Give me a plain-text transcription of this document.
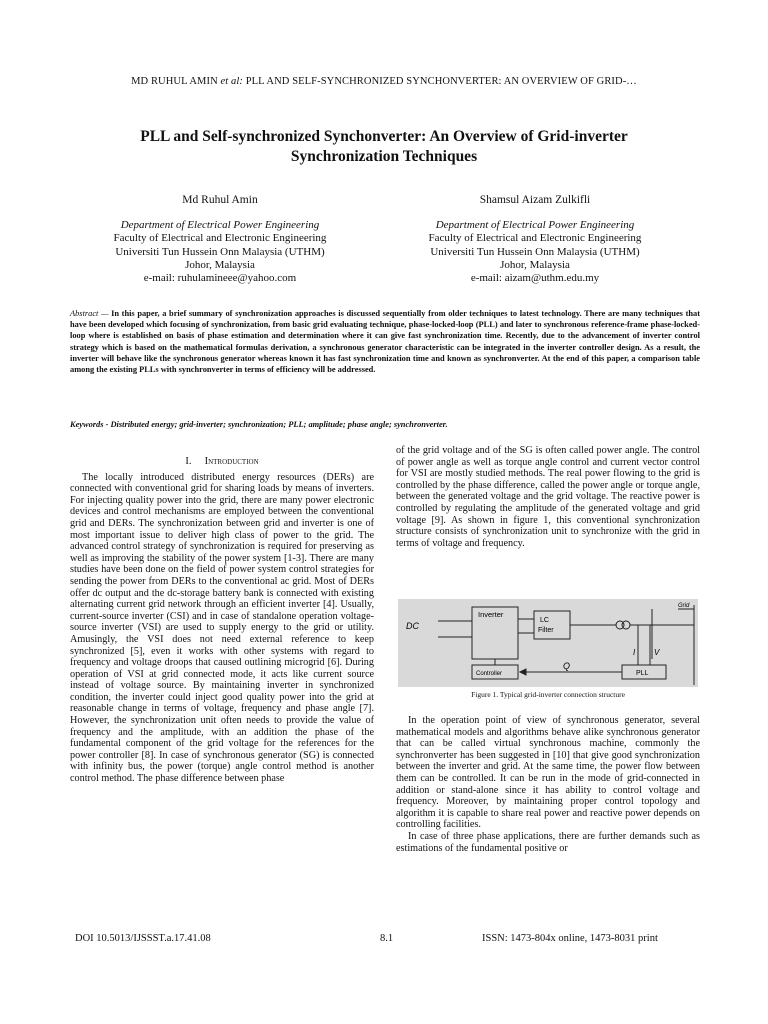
MD RUHUL AMIN et al: PLL AND SELF-SYNCHRONIZED SYNCHONVERTER: AN OVERVIEW OF GRID-…
PLL and Self-synchronized Synchonverter: An Overview of Grid-inverter Synchronization Techniques
Md Ruhul Amin
Department of Electrical Power Engineering
Faculty of Electrical and Electronic Engineering
Universiti Tun Hussein Onn Malaysia (UTHM)
Johor, Malaysia
e-mail: ruhulamineee@yahoo.com
Shamsul Aizam Zulkifli
Department of Electrical Power Engineering
Faculty of Electrical and Electronic Engineering
Universiti Tun Hussein Onn Malaysia (UTHM)
Johor, Malaysia
e-mail: aizam@uthm.edu.my
Abstract — In this paper, a brief summary of synchronization approaches is discussed sequentially from older techniques to latest technology. There are many techniques that have been developed which focusing of synchronization, from basic grid evaluating technique, phase-locked-loop (PLL) and later to synchronous reference-frame phase-locked-loop where is established on basis of phase estimation and determination where it can give fast synchronization time. Recently, due to the advancement of inverter control strategy which is based on the mathematical formulas derivation, a synchronous generator characteristic can be integrated in the inverter controller design. As a result, the inverter will behave like the synchronous generator whereas known it has fast synchronization time and known as synchronverter. At the end of this paper, a comparison table among the existing PLLs with synchronverter in terms of efficiency will be addressed.
Keywords - Distributed energy; grid-inverter; synchronization; PLL; amplitude; phase angle; synchronverter.
I. Introduction

The locally introduced distributed energy resources (DERs) are connected with conventional grid for sharing loads by means of inverters. For injecting quality power into the grid, there are many power electronic devices and control mechanisms are employed between the conventional grid and DERs. The synchronization between grid and inverter is one of most important issue to deliver high class of power to the grid. The advanced control strategy of synchronization is required for preserving as well as improving the stability of the power system [1-3]. There are many studies have been done on the field of power system control strategies for sending the power from DERs to the conventional ac grid. Most of DERs offer dc output and the dc-storage battery bank is connected with existing alternating current grid network through an efficient inverter [4]. Usually, current-source inverter (CSI) and in case of standalone operation voltage-source inverter (VSI) are used to supply energy to the grid or utility. Amusingly, the VSI does not need external reference to keep synchronized [5], even it works with other systems with regard to frequency and voltage droops that caused outlining microgrid [6]. During operation of VSI at grid connected mode, it acts like current source instead of voltage source. By maintaining inverter in synchronized condition, the inverter could inject good quality power into the grid at reasonable change in terms of voltage, frequency and phase angle [7]. However, the synchronization unit often needs to provide the value of frequency and the amplitude, with an addition the phase of the fundamental component of the grid voltage for the references for the power controller [8]. In case of synchronous generator (SG) is connected with infinity bus, the power (torque) angle control method is another control method. The phase difference between phase

of the grid voltage and of the SG is often called power angle. The control of power angle as well as torque angle control and current vector control for VSI are mostly studied methods. The real power flowing to the grid is controlled by the phase difference, called the power angle or torque angle, between the generated voltage and the grid voltage. The reactive power is controlled by regulating the amplitude of the generated voltage and grid voltage [9]. As shown in figure 1, this conventional synchronization structure consists of synchronization unit to synchronize with the grid in terms of voltage and frequency.

DC
Inverter
LC
Filter
Grid
Controller
Q
PLL
I V
Figure 1. Typical grid-inverter connection structure

In the operation point of view of synchronous generator, several mathematical models and algorithms behave alike synchronous generator that can be called virtual synchronous machine, commonly the synchronverter has been suggested in [10] that give good synchronization between the inverter and grid. At the same time, the power flow between them can be controlled. It can be run in the mode of grid-connected in addition or stand-alone since it has ability to control voltage and frequency. Moreover, by maintaining proper control topology and algorithm it is capable to share real power and reactive power depends on controlling facilities.

In case of three phase applications, there are further demands such as estimations of the fundamental positive or

DOI 10.5013/IJSSST.a.17.41.08	8.1	ISSN: 1473-804x online, 1473-8031 print
